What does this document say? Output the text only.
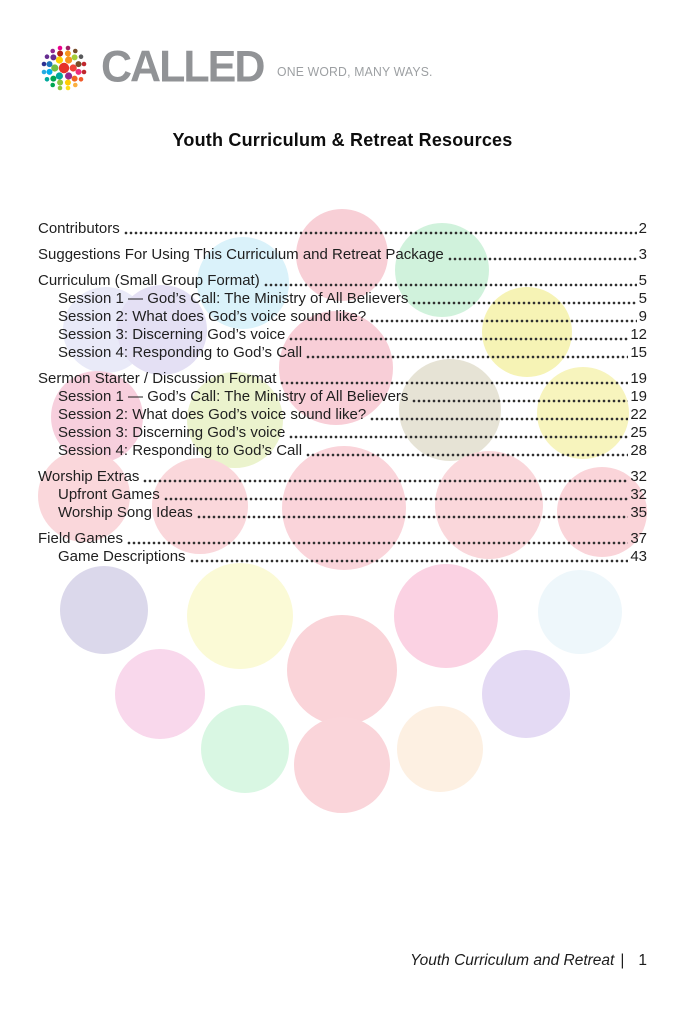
CALLED ONE WORD, MANY WAYS.
Youth Curriculum & Retreat Resources
Contributors	2
Suggestions For Using This Curriculum and Retreat Package	3
Curriculum (Small Group Format)	5
Session 1 — God’s Call: The Ministry of All Believers	5
Session 2: What does God’s voice sound like?	9
Session 3: Discerning God’s voice	12
Session 4: Responding to God’s Call	15
Sermon Starter / Discussion Format	19
Session 1 — God’s Call: The Ministry of All Believers	19
Session 2: What does God’s voice sound like?	22
Session 3: Discerning God’s voice	25
Session 4: Responding to God’s Call	28
Worship Extras	32
Upfront Games	32
Worship Song Ideas	35
Field Games	37
Game Descriptions	43
Youth Curriculum and Retreat | 1
